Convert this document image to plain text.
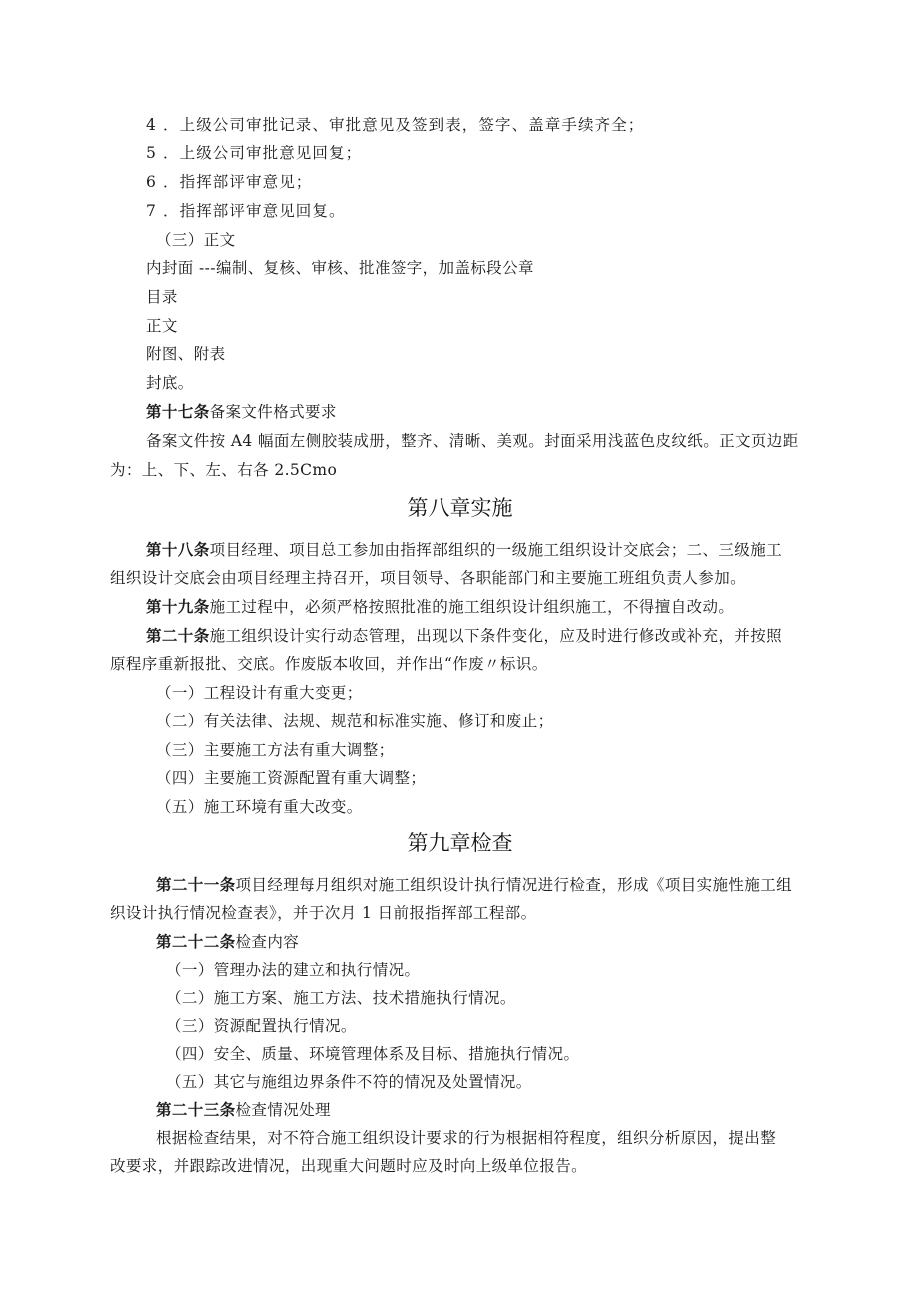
4 ．上级公司审批记录、审批意见及签到表，签字、盖章手续齐全；
5 ．上级公司审批意见回复；
6 ．指挥部评审意见；
7 ．指挥部评审意见回复。
（三）正文
内封面 ---编制、复核、审核、批准签字，加盖标段公章
目录
正文
附图、附表
封底。
第十七条备案文件格式要求
备案文件按 A4 幅面左侧胶装成册，整齐、清晰、美观。封面采用浅蓝色皮纹纸。正文页边距
为：上、下、左、右各 2.5Cmo
第八章实施
第十八条项目经理、项目总工参加由指挥部组织的一级施工组织设计交底会；二、三级施工
组织设计交底会由项目经理主持召开，项目领导、各职能部门和主要施工班组负责人参加。
第十九条施工过程中，必须严格按照批准的施工组织设计组织施工，不得擅自改动。
第二十条施工组织设计实行动态管理，出现以下条件变化，应及时进行修改或补充，并按照
原程序重新报批、交底。作废版本收回，并作出“作废〃标识。
（一）工程设计有重大变更；
（二）有关法律、法规、规范和标准实施、修订和废止；
（三）主要施工方法有重大调整；
（四）主要施工资源配置有重大调整；
（五）施工环境有重大改变。
第九章检查
第二十一条项目经理每月组织对施工组织设计执行情况进行检查，形成《项目实施性施工组
织设计执行情况检查表》，并于次月 1 日前报指挥部工程部。
第二十二条检查内容
（一）管理办法的建立和执行情况。
（二）施工方案、施工方法、技术措施执行情况。
（三）资源配置执行情况。
（四）安全、质量、环境管理体系及目标、措施执行情况。
（五）其它与施组边界条件不符的情况及处置情况。
第二十三条检查情况处理
根据检查结果，对不符合施工组织设计要求的行为根据相符程度，组织分析原因，提出整
改要求，并跟踪改进情况，出现重大问题时应及时向上级单位报告。
